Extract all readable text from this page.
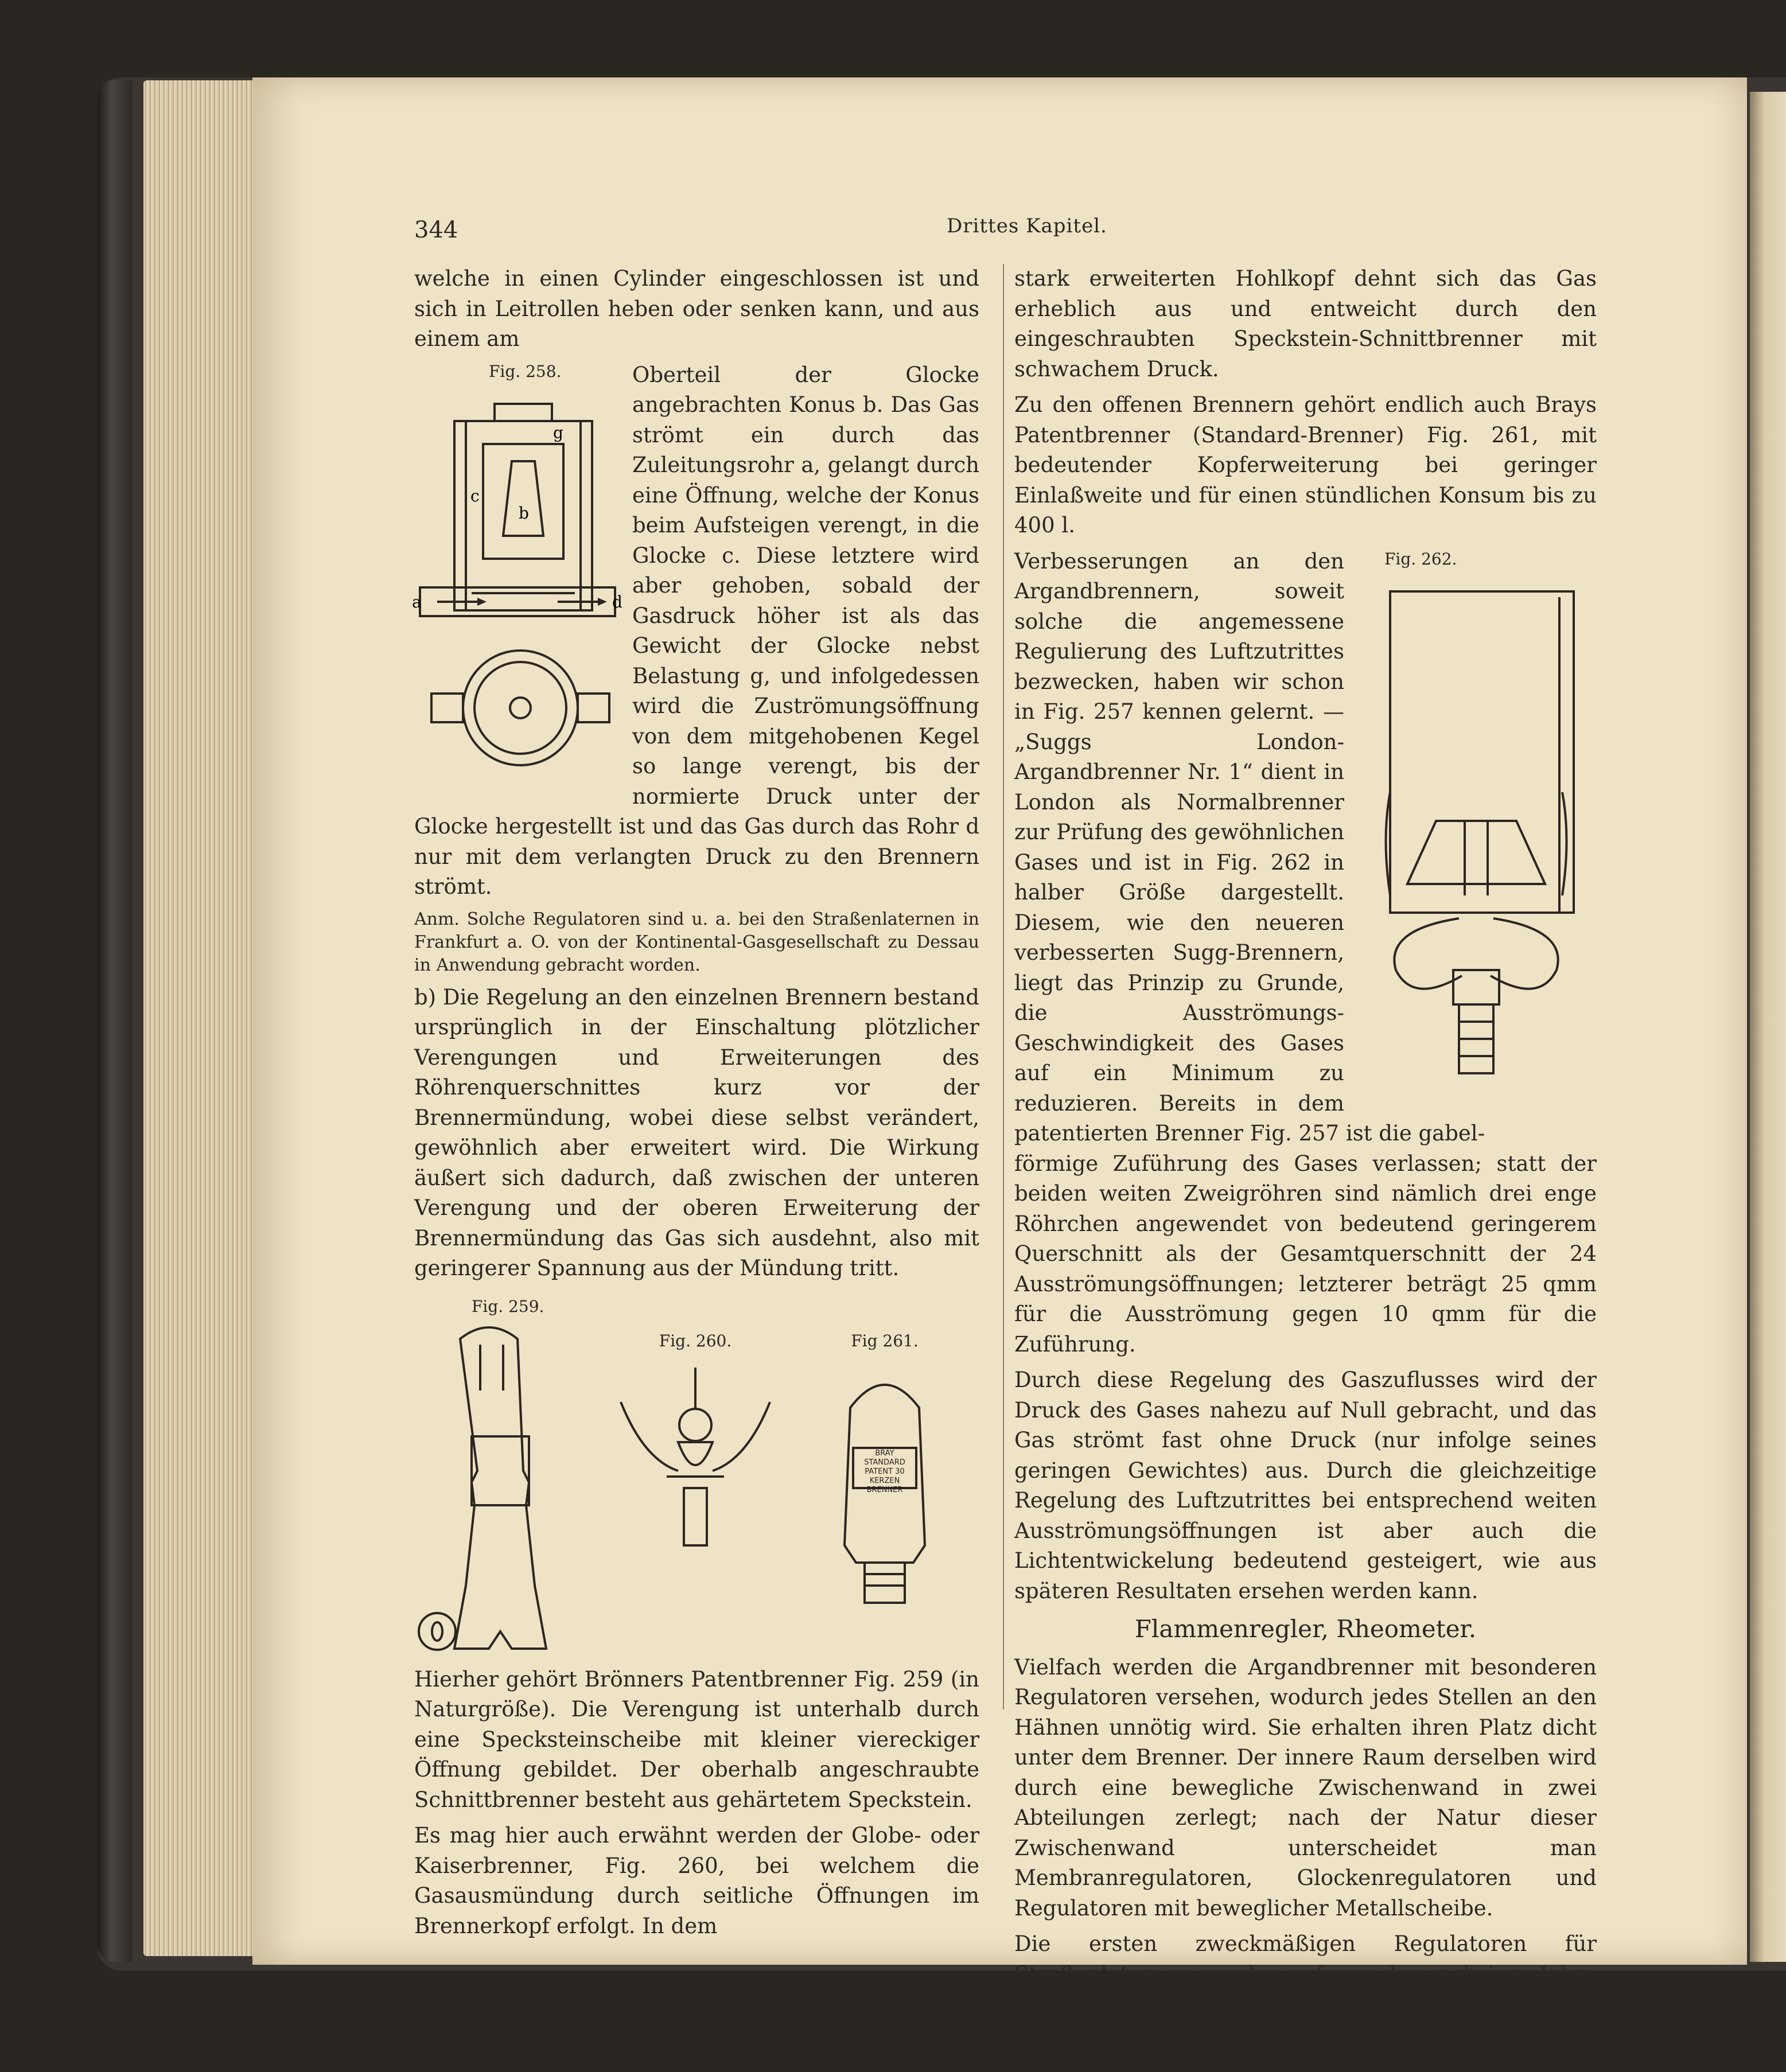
344	Drittes Kapitel.

welche in einen Cylinder eingeschlossen ist und sich in Leitrollen heben oder senken kann, und aus einem am

Fig. 258.
g
c
b
a	d

Oberteil der Glocke angebrachten Konus b. Das Gas strömt ein durch das Zuleitungsrohr a, gelangt durch eine Öffnung, welche der Konus beim Aufsteigen verengt, in die Glocke c. Diese letztere wird aber gehoben, sobald der Gasdruck höher ist als das Gewicht der Glocke nebst Belastung g, und infolgedessen wird die Zuströmungsöffnung von dem mitgehobenen Kegel so lange verengt, bis der normierte Druck unter der Glocke hergestellt ist und das Gas durch das Rohr d nur mit dem verlangten Druck zu den Brennern strömt.

Anm. Solche Regulatoren sind u. a. bei den Straßenlaternen in Frankfurt a. O. von der Kontinental-Gasgesellschaft zu Dessau in Anwendung gebracht worden.

b) Die Regelung an den einzelnen Brennern bestand ursprünglich in der Einschaltung plötzlicher Verengungen und Erweiterungen des Röhrenquerschnittes kurz vor der Brennermündung, wobei diese selbst verändert, gewöhnlich aber erweitert wird. Die Wirkung äußert sich dadurch, daß zwischen der unteren Verengung und der oberen Erweiterung der Brennermündung das Gas sich ausdehnt, also mit geringerer Spannung aus der Mündung tritt.

Fig. 259.
Fig. 260.	Fig 261.
BRAY STANDARD PATENT 30 KERZEN BRENNER

Hierher gehört Brönners Patentbrenner Fig. 259 (in Naturgröße). Die Verengung ist unterhalb durch eine Specksteinscheibe mit kleiner viereckiger Öffnung gebildet. Der oberhalb angeschraubte Schnittbrenner besteht aus gehärtetem Speckstein.

Es mag hier auch erwähnt werden der Globe- oder Kaiserbrenner, Fig. 260, bei welchem die Gasausmündung durch seitliche Öffnungen im Brennerkopf erfolgt. In dem

stark erweiterten Hohlkopf dehnt sich das Gas erheblich aus und entweicht durch den eingeschraubten Speckstein-Schnittbrenner mit schwachem Druck.

Zu den offenen Brennern gehört endlich auch Brays Patentbrenner (Standard-Brenner) Fig. 261, mit bedeutender Kopferweiterung bei geringer Einlaßweite und für einen stündlichen Konsum bis zu 400 l.

Fig. 262.

Verbesserungen an den Argandbrennern, soweit solche die angemessene Regulierung des Luftzutrittes bezwecken, haben wir schon in Fig. 257 kennen gelernt. — „Suggs London-Argandbrenner Nr. 1“ dient in London als Normalbrenner zur Prüfung des gewöhnlichen Gases und ist in Fig. 262 in halber Größe dargestellt. Diesem, wie den neueren verbesserten Sugg-Brennern, liegt das Prinzip zu Grunde, die Ausströmungs-Geschwindigkeit des Gases auf ein Minimum zu reduzieren. Bereits in dem patentierten Brenner Fig. 257 ist die gabel-

förmige Zuführung des Gases verlassen; statt der beiden weiten Zweigröhren sind nämlich drei enge Röhrchen angewendet von bedeutend geringerem Querschnitt als der Gesamtquerschnitt der 24 Ausströmungsöffnungen; letzterer beträgt 25 qmm für die Ausströmung gegen 10 qmm für die Zuführung.

Durch diese Regelung des Gaszuflusses wird der Druck des Gases nahezu auf Null gebracht, und das Gas strömt fast ohne Druck (nur infolge seines geringen Gewichtes) aus. Durch die gleichzeitige Regelung des Luftzutrittes bei entsprechend weiten Ausströmungsöffnungen ist aber auch die Lichtentwickelung bedeutend gesteigert, wie aus späteren Resultaten ersehen werden kann.

Flammenregler, Rheometer.

Vielfach werden die Argandbrenner mit besonderen Regulatoren versehen, wodurch jedes Stellen an den Hähnen unnötig wird. Sie erhalten ihren Platz dicht unter dem Brenner. Der innere Raum derselben wird durch eine bewegliche Zwischenwand in zwei Abteilungen zerlegt; nach der Natur dieser Zwischenwand unterscheidet man Membranregulatoren, Glockenregulatoren und Regulatoren mit beweglicher Metallscheibe.

Die ersten zweckmäßigen Regulatoren für Straßenlaternen wurden anfangs der sechziger Jahre von W. Sugg in London eingeführt. Fig. 263 stellt einen Membranen-
